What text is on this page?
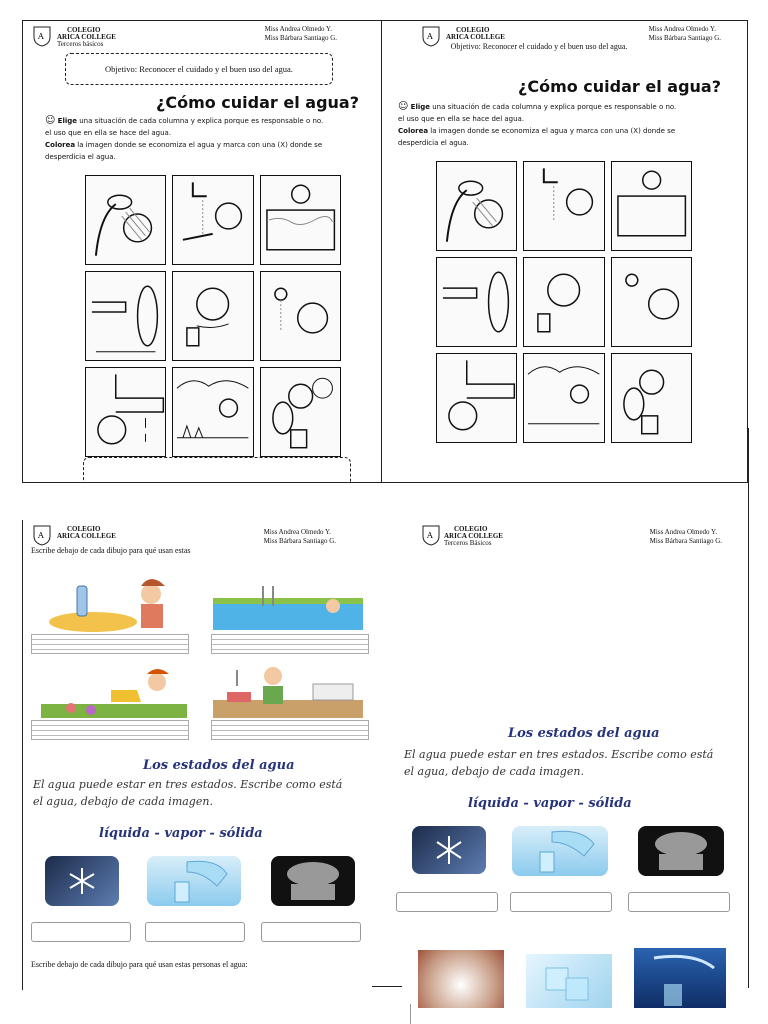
A
COLEGIO
ARICA COLLEGE
Terceros básicos
Miss Andrea Olmedo Y.
Miss Bárbara Santiago G.
Objetivo: Reconocer el cuidado y el buen uso del agua.
¿Cómo cuidar el agua?
☺ Elige una situación de cada columna y explica porque es responsable o no.
el uso que en ella se hace del agua.
Colorea la imagen donde se economiza el agua y marca con una (X) donde se
desperdicia el agua.
A
COLEGIO
ARICA COLLEGE
Miss Andrea Olmedo Y.
Miss Bárbara Santiago G.
Objetivo: Reconocer el cuidado y el buen uso del agua.
¿Cómo cuidar el agua?
☺ Elige una situación de cada columna y explica porque es responsable o no.
el uso que en ella se hace del agua.
Colorea la imagen donde se economiza el agua y marca con una (X) donde se
desperdicia el agua.
A
COLEGIO
ARICA COLLEGE	Miss Andrea Olmedo Y.
Miss Bárbara Santiago G.
Escribe debajo de cada dibujo para qué usan estas
Los estados del agua
El agua puede estar en tres estados. Escribe como está
el agua, debajo de cada imagen.
líquida - vapor - sólida
Escribe debajo de cada dibujo para qué usan estas personas el agua:
A
COLEGIO
ARICA COLLEGE
Terceros Básicos
Miss Andrea Olmedo Y.
Miss Bárbara Santiago G.
Los estados del agua
El agua puede estar en tres estados. Escribe como está
el agua, debajo de cada imagen.
líquida - vapor - sólida
